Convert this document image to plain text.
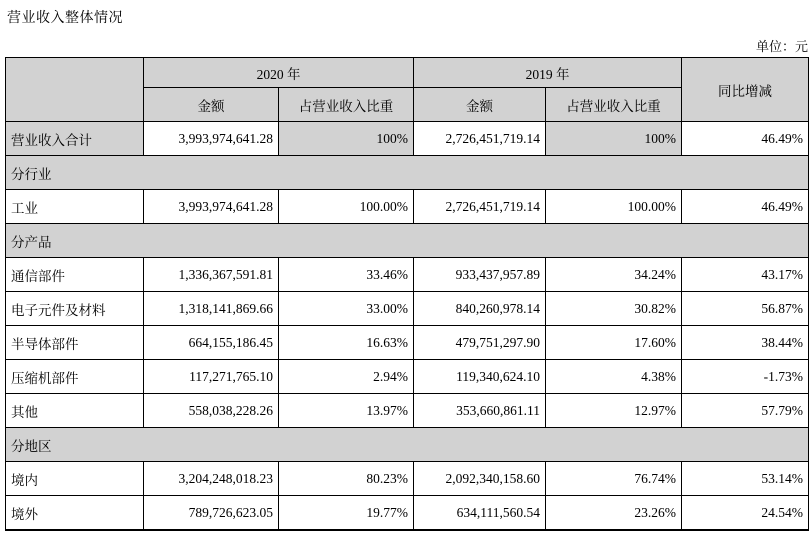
营业收入整体情况
单位：元
	2020 年		2019 年		同比增减
	金额	占营业收入比重	金额	占营业收入比重	
营业收入合计	3,993,974,641.28	100%	2,726,451,719.14	100%	46.49%
分行业					
工业	3,993,974,641.28	100.00%	2,726,451,719.14	100.00%	46.49%
分产品					
通信部件	1,336,367,591.81	33.46%	933,437,957.89	34.24%	43.17%
电子元件及材料	1,318,141,869.66	33.00%	840,260,978.14	30.82%	56.87%
半导体部件	664,155,186.45	16.63%	479,751,297.90	17.60%	38.44%
压缩机部件	117,271,765.10	2.94%	119,340,624.10	4.38%	-1.73%
其他	558,038,228.26	13.97%	353,660,861.11	12.97%	57.79%
分地区					
境内	3,204,248,018.23	80.23%	2,092,340,158.60	76.74%	53.14%
境外	789,726,623.05	19.77%	634,111,560.54	23.26%	24.54%
